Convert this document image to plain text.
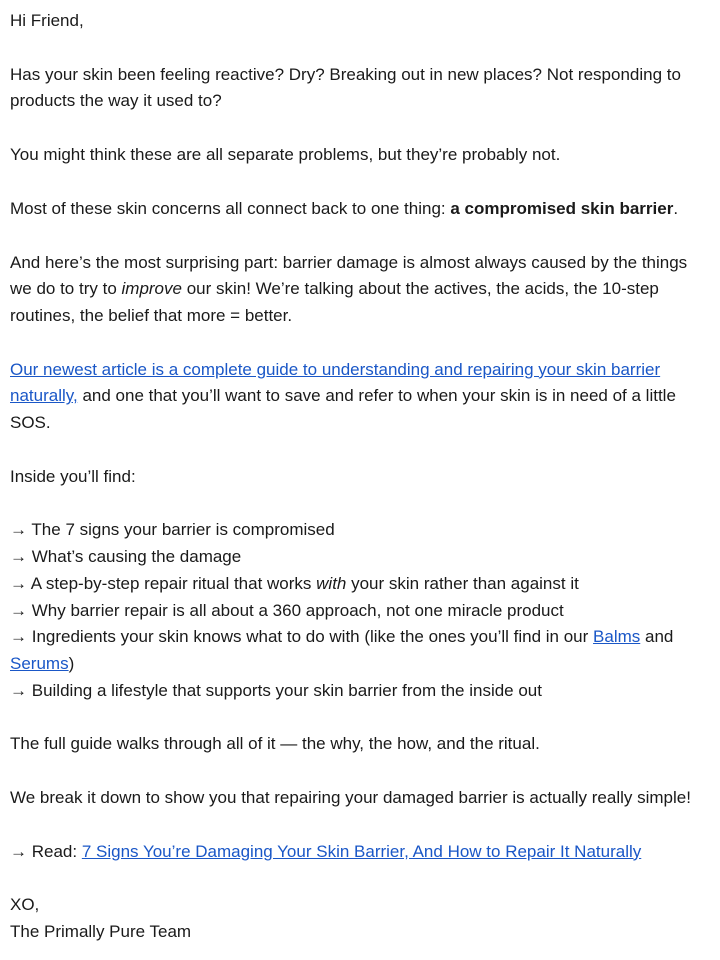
Hi Friend,

Has your skin been feeling reactive? Dry? Breaking out in new places? Not responding to products the way it used to?

You might think these are all separate problems, but they’re probably not.

Most of these skin concerns all connect back to one thing: a compromised skin barrier.

And here’s the most surprising part: barrier damage is almost always caused by the things we do to try to improve our skin! We’re talking about the actives, the acids, the 10-step routines, the belief that more = better.

Our newest article is a complete guide to understanding and repairing your skin barrier naturally, and one that you’ll want to save and refer to when your skin is in need of a little SOS.

Inside you’ll find:

→ The 7 signs your barrier is compromised
→ What’s causing the damage
→ A step-by-step repair ritual that works with your skin rather than against it
→ Why barrier repair is all about a 360 approach, not one miracle product
→ Ingredients your skin knows what to do with (like the ones you’ll find in our Balms and Serums)
→ Building a lifestyle that supports your skin barrier from the inside out

The full guide walks through all of it — the why, the how, and the ritual.

We break it down to show you that repairing your damaged barrier is actually really simple!

→ Read: 7 Signs You’re Damaging Your Skin Barrier, And How to Repair It Naturally

XO,
The Primally Pure Team
